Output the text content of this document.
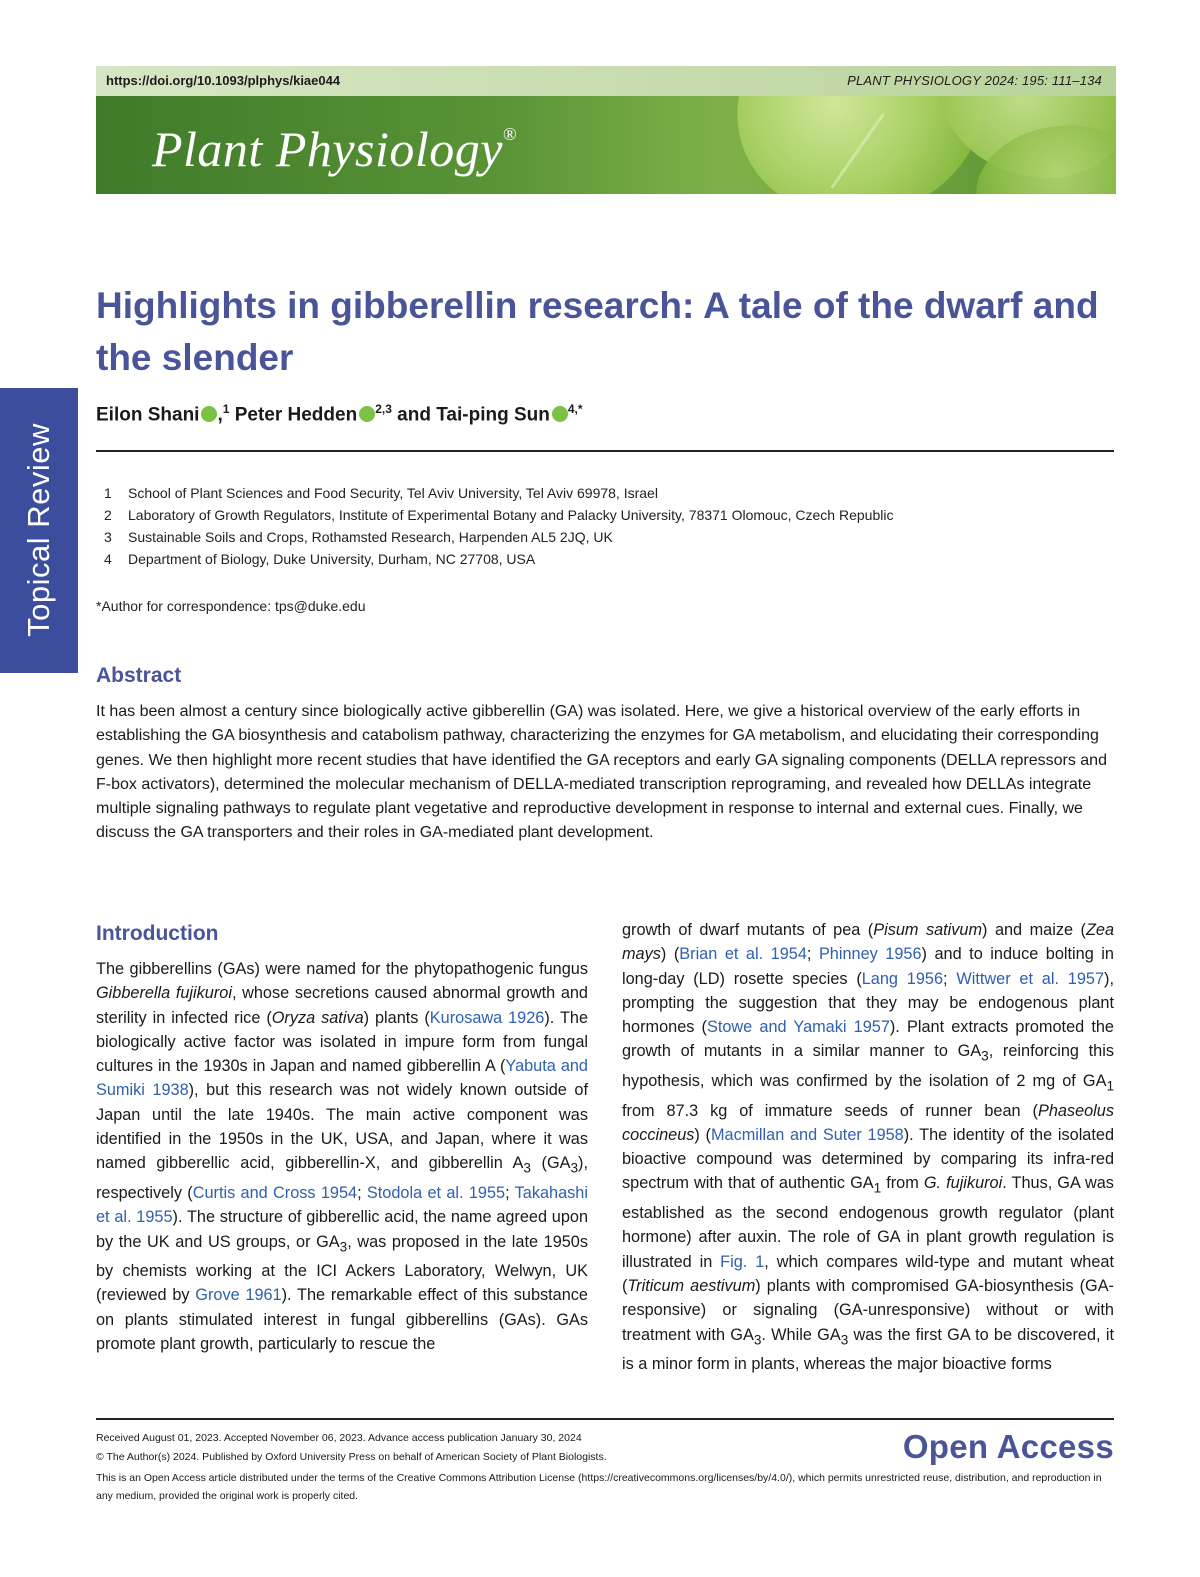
https://doi.org/10.1093/plphys/kiae044	PLANT PHYSIOLOGY 2024: 195: 111–134
Plant Physiology®
Topical Review
Highlights in gibberellin research: A tale of the dwarf and the slender
Eilon Shani ,$^1$ Peter Hedden $^{2,3}$ and Tai-ping Sun $^{4,*}$
1 School of Plant Sciences and Food Security, Tel Aviv University, Tel Aviv 69978, Israel
2 Laboratory of Growth Regulators, Institute of Experimental Botany and Palacky University, 78371 Olomouc, Czech Republic
3 Sustainable Soils and Crops, Rothamsted Research, Harpenden AL5 2JQ, UK
4 Department of Biology, Duke University, Durham, NC 27708, USA
*Author for correspondence: tps@duke.edu
Abstract

It has been almost a century since biologically active gibberellin (GA) was isolated. Here, we give a historical overview of the early efforts in establishing the GA biosynthesis and catabolism pathway, characterizing the enzymes for GA metabolism, and elucidating their corresponding genes. We then highlight more recent studies that have identified the GA receptors and early GA signaling components (DELLA repressors and F-box activators), determined the molecular mechanism of DELLA-mediated transcription reprograming, and revealed how DELLAs integrate multiple signaling pathways to regulate plant vegetative and reproductive development in response to internal and external cues. Finally, we discuss the GA transporters and their roles in GA-mediated plant development.

Introduction

The gibberellins (GAs) were named for the phytopathogenic fungus Gibberella fujikuroi, whose secretions caused abnormal growth and sterility in infected rice (Oryza sativa) plants (Kurosawa 1926). The biologically active factor was isolated in impure form from fungal cultures in the 1930s in Japan and named gibberellin A (Yabuta and Sumiki 1938), but this research was not widely known outside of Japan until the late 1940s. The main active component was identified in the 1950s in the UK, USA, and Japan, where it was named gibberellic acid, gibberellin-X, and gibberellin $A_3$ $(GA_3)$, respectively (Curtis and Cross 1954; Stodola et al. 1955; Takahashi et al. 1955). The structure of gibberellic acid, the name agreed upon by the UK and US groups, or $GA_3$, was proposed in the late 1950s by chemists working at the ICI Ackers Laboratory, Welwyn, UK (reviewed by Grove 1961). The remarkable effect of this substance on plants stimulated interest in fungal gibberellins (GAs). GAs promote plant growth, particularly to rescue the

growth of dwarf mutants of pea (Pisum sativum) and maize (Zea mays) (Brian et al. 1954; Phinney 1956) and to induce bolting in long-day (LD) rosette species (Lang 1956; Wittwer et al. 1957), prompting the suggestion that they may be endogenous plant hormones (Stowe and Yamaki 1957). Plant extracts promoted the growth of mutants in a similar manner to $GA_3$, reinforcing this hypothesis, which was confirmed by the isolation of 2 mg of $GA_1$ from 87.3 kg of immature seeds of runner bean (Phaseolus coccineus) (Macmillan and Suter 1958). The identity of the isolated bioactive compound was determined by comparing its infra-red spectrum with that of authentic $GA_1$ from G. fujikuroi. Thus, GA was established as the second endogenous growth regulator (plant hormone) after auxin. The role of GA in plant growth regulation is illustrated in Fig. 1, which compares wild-type and mutant wheat (Triticum aestivum) plants with compromised GA-biosynthesis (GA-responsive) or signaling (GA-unresponsive) without or with treatment with $GA_3$. While $GA_3$ was the first GA to be discovered, it is a minor form in plants, whereas the major bioactive forms

Received August 01, 2023. Accepted November 06, 2023. Advance access publication January 30, 2024
© The Author(s) 2024. Published by Oxford University Press on behalf of American Society of Plant Biologists.
This is an Open Access article distributed under the terms of the Creative Commons Attribution License (https://creativecommons.org/licenses/by/4.0/), which permits unrestricted reuse, distribution, and reproduction in any medium, provided the original work is properly cited.
Open Access
